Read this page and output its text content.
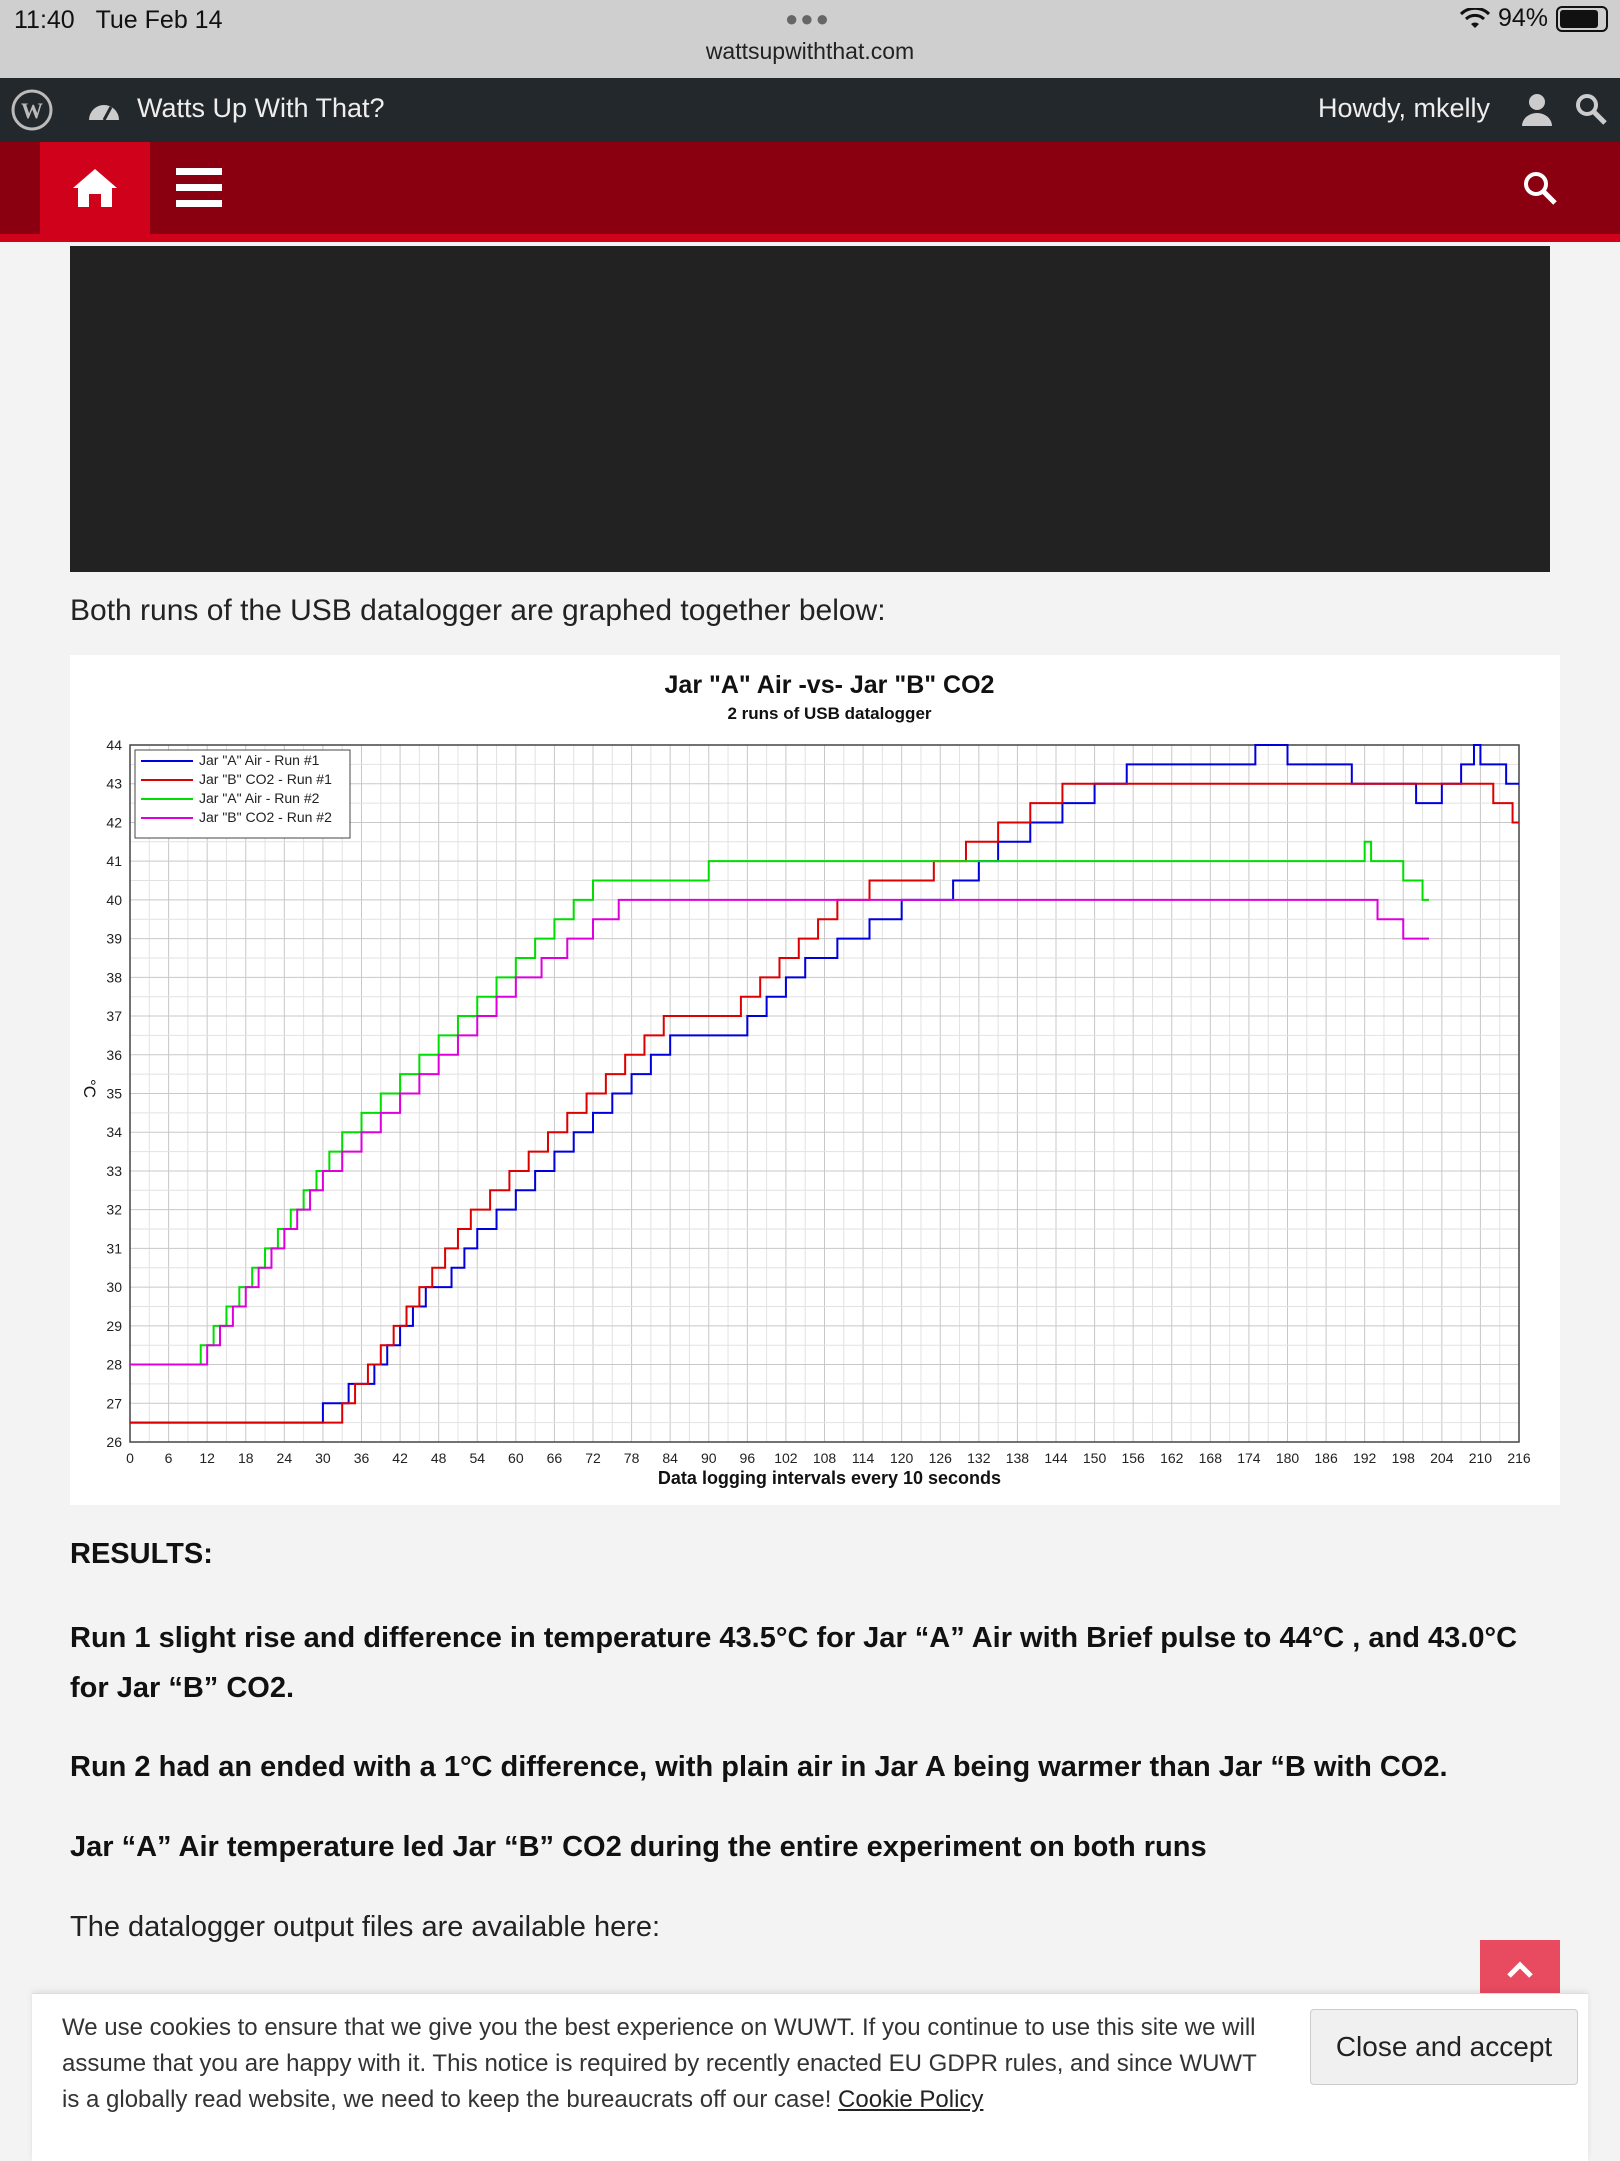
11:40 Tue Feb 14	●●●
wattsupwiththat.com
94%
W	Watts Up With That?	Howdy, mkelly
Both runs of the USB datalogger are graphed together below:
Jar "A" Air -vs- Jar "B" CO2
2 runs of USB datalogger
0 6 12 18 24 30 36 42 48 54 60 66 72 78 84 90 96 102 108 114 120 126 132 138 144 150 156 162 168 174 180 186 192 198 204 210 216
26
27
28
29
30
31
32
33
34
35
36
37
38
39
40
41
42
43
44
Data logging intervals every 10 seconds
°C
Jar "A" Air - Run #1
Jar "B" CO2 - Run #1
Jar "A" Air - Run #2
Jar "B" CO2 - Run #2
RESULTS:
Run 1 slight rise and difference in temperature 43.5°C for Jar “A” Air with Brief pulse to 44°C , and 43.0°C for Jar “B” CO2.
Run 2 had an ended with a 1°C difference, with plain air in Jar A being warmer than Jar “B with CO2.
Jar “A” Air temperature led Jar “B” CO2 during the entire experiment on both runs
The datalogger output files are available here:
We use cookies to ensure that we give you the best experience on WUWT. If you continue to use this site we will assume that you are happy with it. This notice is required by recently enacted EU GDPR rules, and since WUWT is a globally read website, we need to keep the bureaucrats off our case! Cookie Policy
Close and accept
